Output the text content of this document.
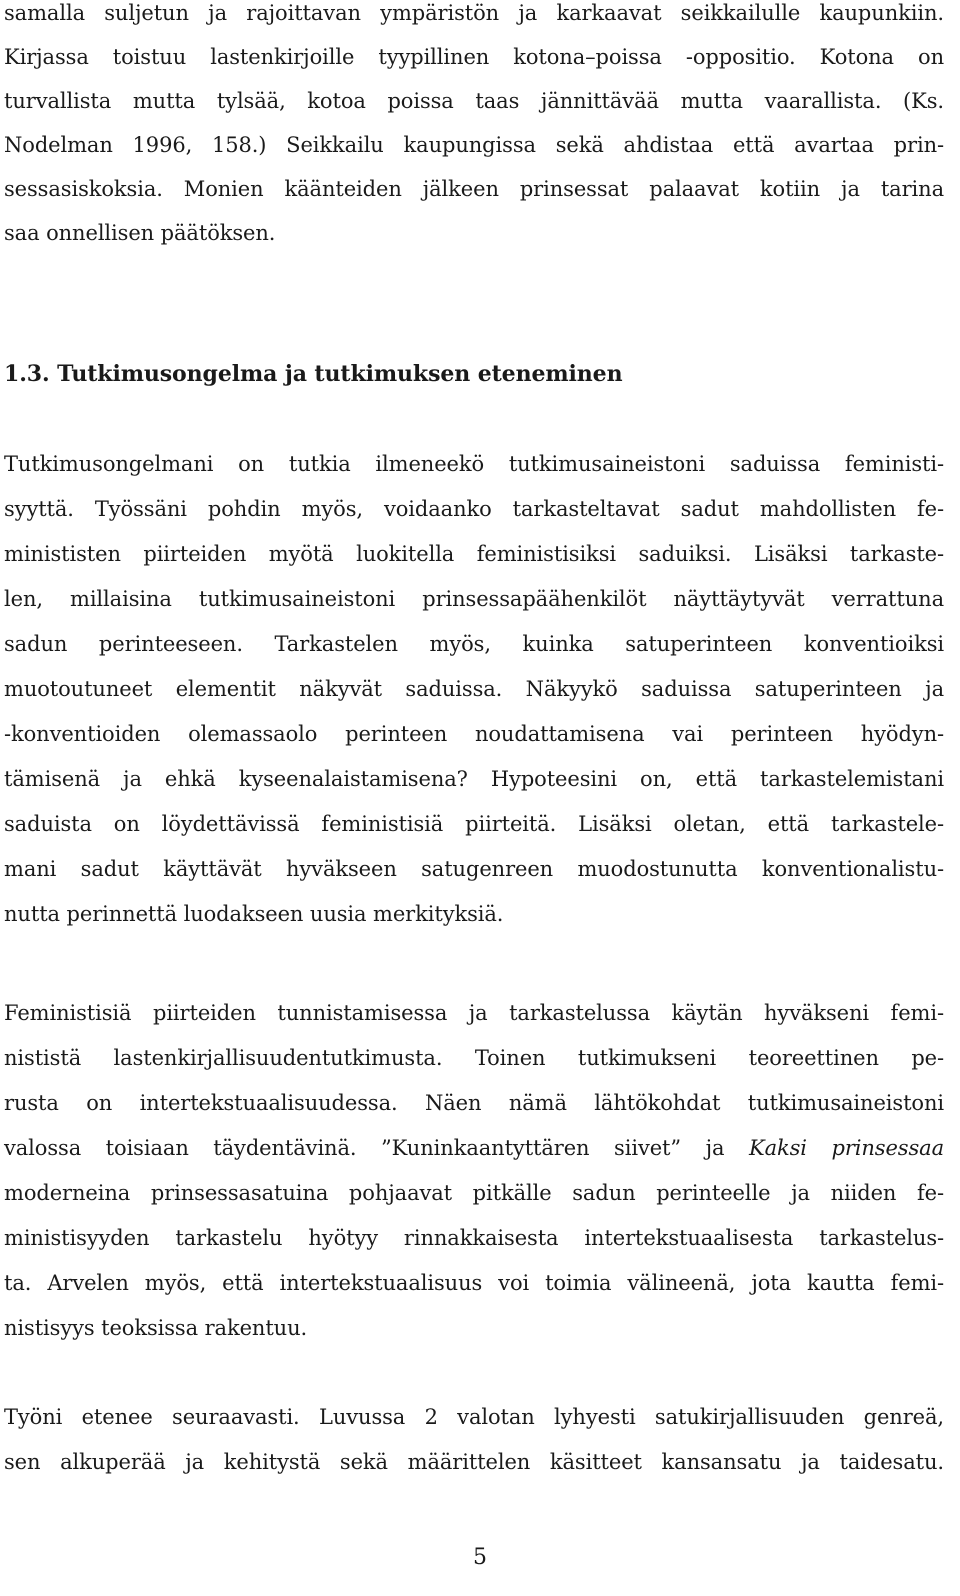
samalla suljetun ja rajoittavan ympäristön ja karkaavat seikkailulle kaupunkiin.
Kirjassa toistuu lastenkirjoille tyypillinen kotona–poissa -oppositio. Kotona on
turvallista mutta tylsää, kotoa poissa taas jännittävää mutta vaarallista. (Ks.
Nodelman 1996, 158.) Seikkailu kaupungissa sekä ahdistaa että avartaa prin-
sessasiskoksia. Monien käänteiden jälkeen prinsessat palaavat kotiin ja tarina
saa onnellisen päätöksen.
1.3. Tutkimusongelma ja tutkimuksen eteneminen
Tutkimusongelmani on tutkia ilmeneekö tutkimusaineistoni saduissa feministi-
syyttä. Työssäni pohdin myös, voidaanko tarkasteltavat sadut mahdollisten fe-
minististen piirteiden myötä luokitella feministisiksi saduiksi. Lisäksi tarkaste-
len, millaisina tutkimusaineistoni prinsessapäähenkilöt näyttäytyvät verrattuna
sadun perinteeseen. Tarkastelen myös, kuinka satuperinteen konventioiksi
muotoutuneet elementit näkyvät saduissa. Näkyykö saduissa satuperinteen ja
-konventioiden olemassaolo perinteen noudattamisena vai perinteen hyödyn-
tämisenä ja ehkä kyseenalaistamisena? Hypoteesini on, että tarkastelemistani
saduista on löydettävissä feministisiä piirteitä. Lisäksi oletan, että tarkastele-
mani sadut käyttävät hyväkseen satugenreen muodostunutta konventionalistu-
nutta perinnettä luodakseen uusia merkityksiä.
Feministisiä piirteiden tunnistamisessa ja tarkastelussa käytän hyväkseni femi-
nististä lastenkirjallisuudentutkimusta. Toinen tutkimukseni teoreettinen pe-
rusta on intertekstuaalisuudessa. Näen nämä lähtökohdat tutkimusaineistoni
valossa toisiaan täydentävinä. ”Kuninkaantyttären siivet” ja Kaksi prinsessaa
moderneina prinsessasatuina pohjaavat pitkälle sadun perinteelle ja niiden fe-
ministisyyden tarkastelu hyötyy rinnakkaisesta intertekstuaalisesta tarkastelus-
ta. Arvelen myös, että intertekstuaalisuus voi toimia välineenä, jota kautta femi-
nistisyys teoksissa rakentuu.
Työni etenee seuraavasti. Luvussa 2 valotan lyhyesti satukirjallisuuden genreä,
sen alkuperää ja kehitystä sekä määrittelen käsitteet kansansatu ja taidesatu.
5
